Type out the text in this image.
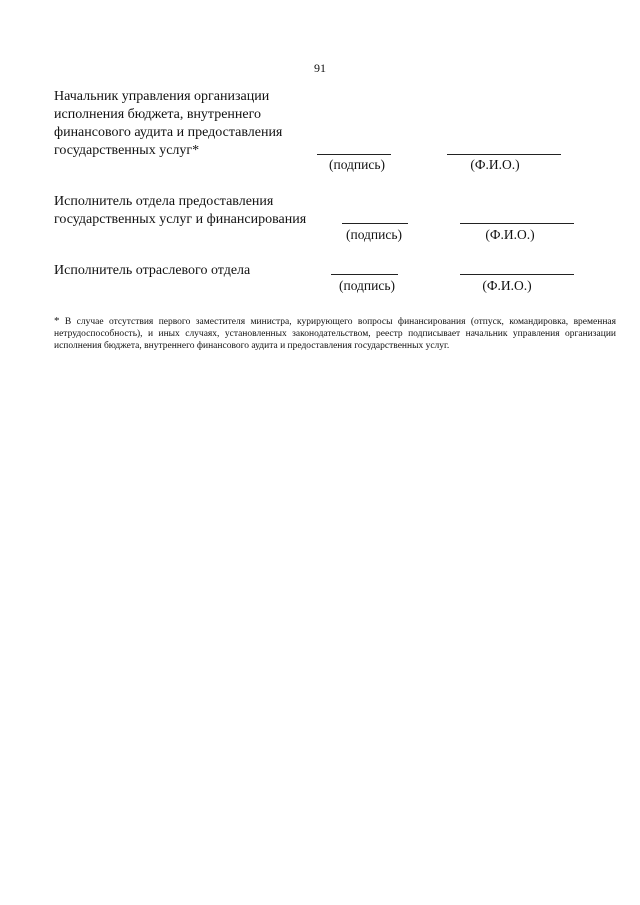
91
Начальник управления организации
исполнения бюджета, внутреннего
финансового аудита и предоставления
государственных услуг*
(подпись)	(Ф.И.О.)
Исполнитель отдела предоставления
государственных услуг и финансирования
(подпись)	(Ф.И.О.)
Исполнитель отраслевого отдела
(подпись)	(Ф.И.О.)
* В случае отсутствия первого заместителя министра, курирующего вопросы финансирования (отпуск, командировка, временная нетрудоспособность), и иных случаях, установленных законодательством, реестр подписывает начальник управления организации исполнения бюджета, внутреннего финансового аудита и предоставления государственных услуг.
